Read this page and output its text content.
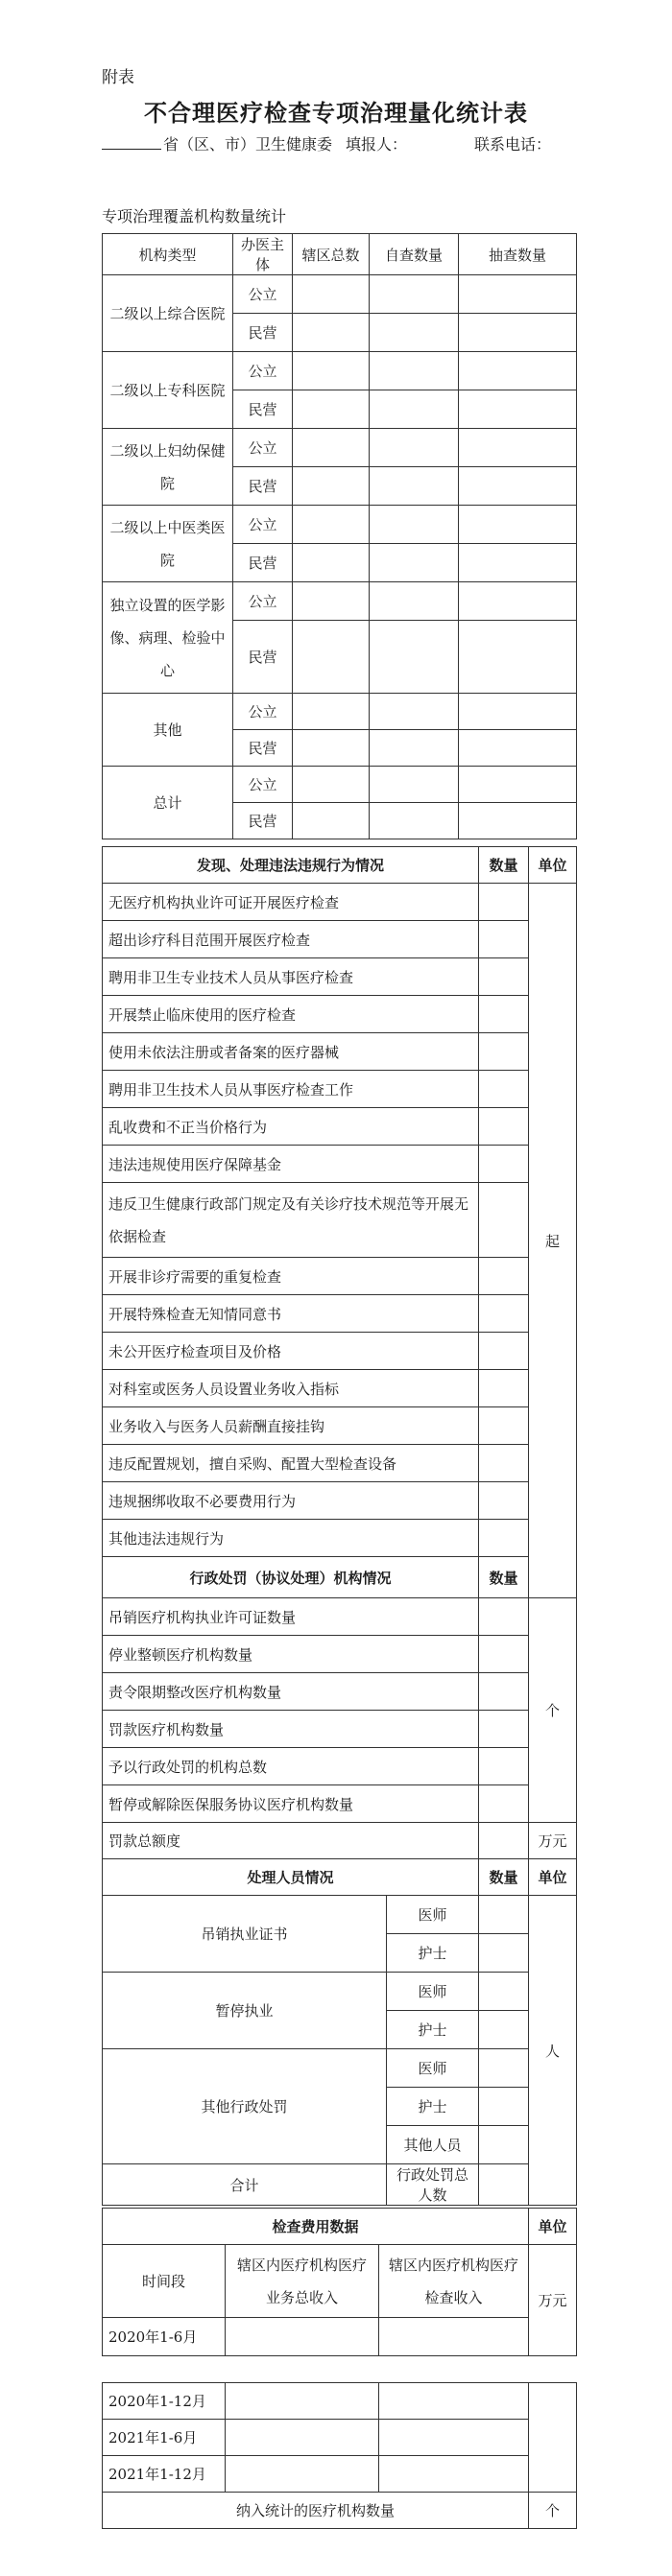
附表
不合理医疗检查专项治理量化统计表
省（区、市）卫生健康委 填报人：	联系电话：
专项治理覆盖机构数量统计
机构类型	办医主体	辖区总数	自查数量	抽查数量
二级以上综合医院	公立			
	民营			
二级以上专科医院	公立			
	民营			
二级以上妇幼保健院	公立			
	民营			
二级以上中医类医院	公立			
	民营			
独立设置的医学影像、病理、检验中心	公立			
	民营			
其他	公立			
	民营			
总计	公立			
	民营			
发现、处理违法违规行为情况		数量	单位	
无医疗机构执业许可证开展医疗检查			起	
超出诊疗科目范围开展医疗检查				
聘用非卫生专业技术人员从事医疗检查				
开展禁止临床使用的医疗检查				
使用未依法注册或者备案的医疗器械				
聘用非卫生技术人员从事医疗检查工作				
乱收费和不正当价格行为				
违法违规使用医疗保障基金				
违反卫生健康行政部门规定及有关诊疗技术规范等开展无依据检查				
开展非诊疗需要的重复检查				
开展特殊检查无知情同意书				
未公开医疗检查项目及价格				
对科室或医务人员设置业务收入指标				
业务收入与医务人员薪酬直接挂钩				
违反配置规划，擅自采购、配置大型检查设备				
违规捆绑收取不必要费用行为				
其他违法违规行为				
行政处罚（协议处理）机构情况		数量	
吊销医疗机构执业许可证数量			个	
停业整顿医疗机构数量				
责令限期整改医疗机构数量				
罚款医疗机构数量				
予以行政处罚的机构总数				
暂停或解除医保服务协议医疗机构数量				
罚款总额度			万元	
处理人员情况		数量	单位	
吊销执业证书	医师		人	
	护士			
暂停执业	医师			
	护士			
其他行政处罚	医师			
	护士			
	其他人员			
合计	行政处罚总人数			
检查费用数据			单位
时间段	辖区内医疗机构医疗业务总收入	辖区内医疗机构医疗检查收入	万元
2020年1-6月			

2020年1-12月			
2021年1-6月			
2021年1-12月			
纳入统计的医疗机构数量			个
